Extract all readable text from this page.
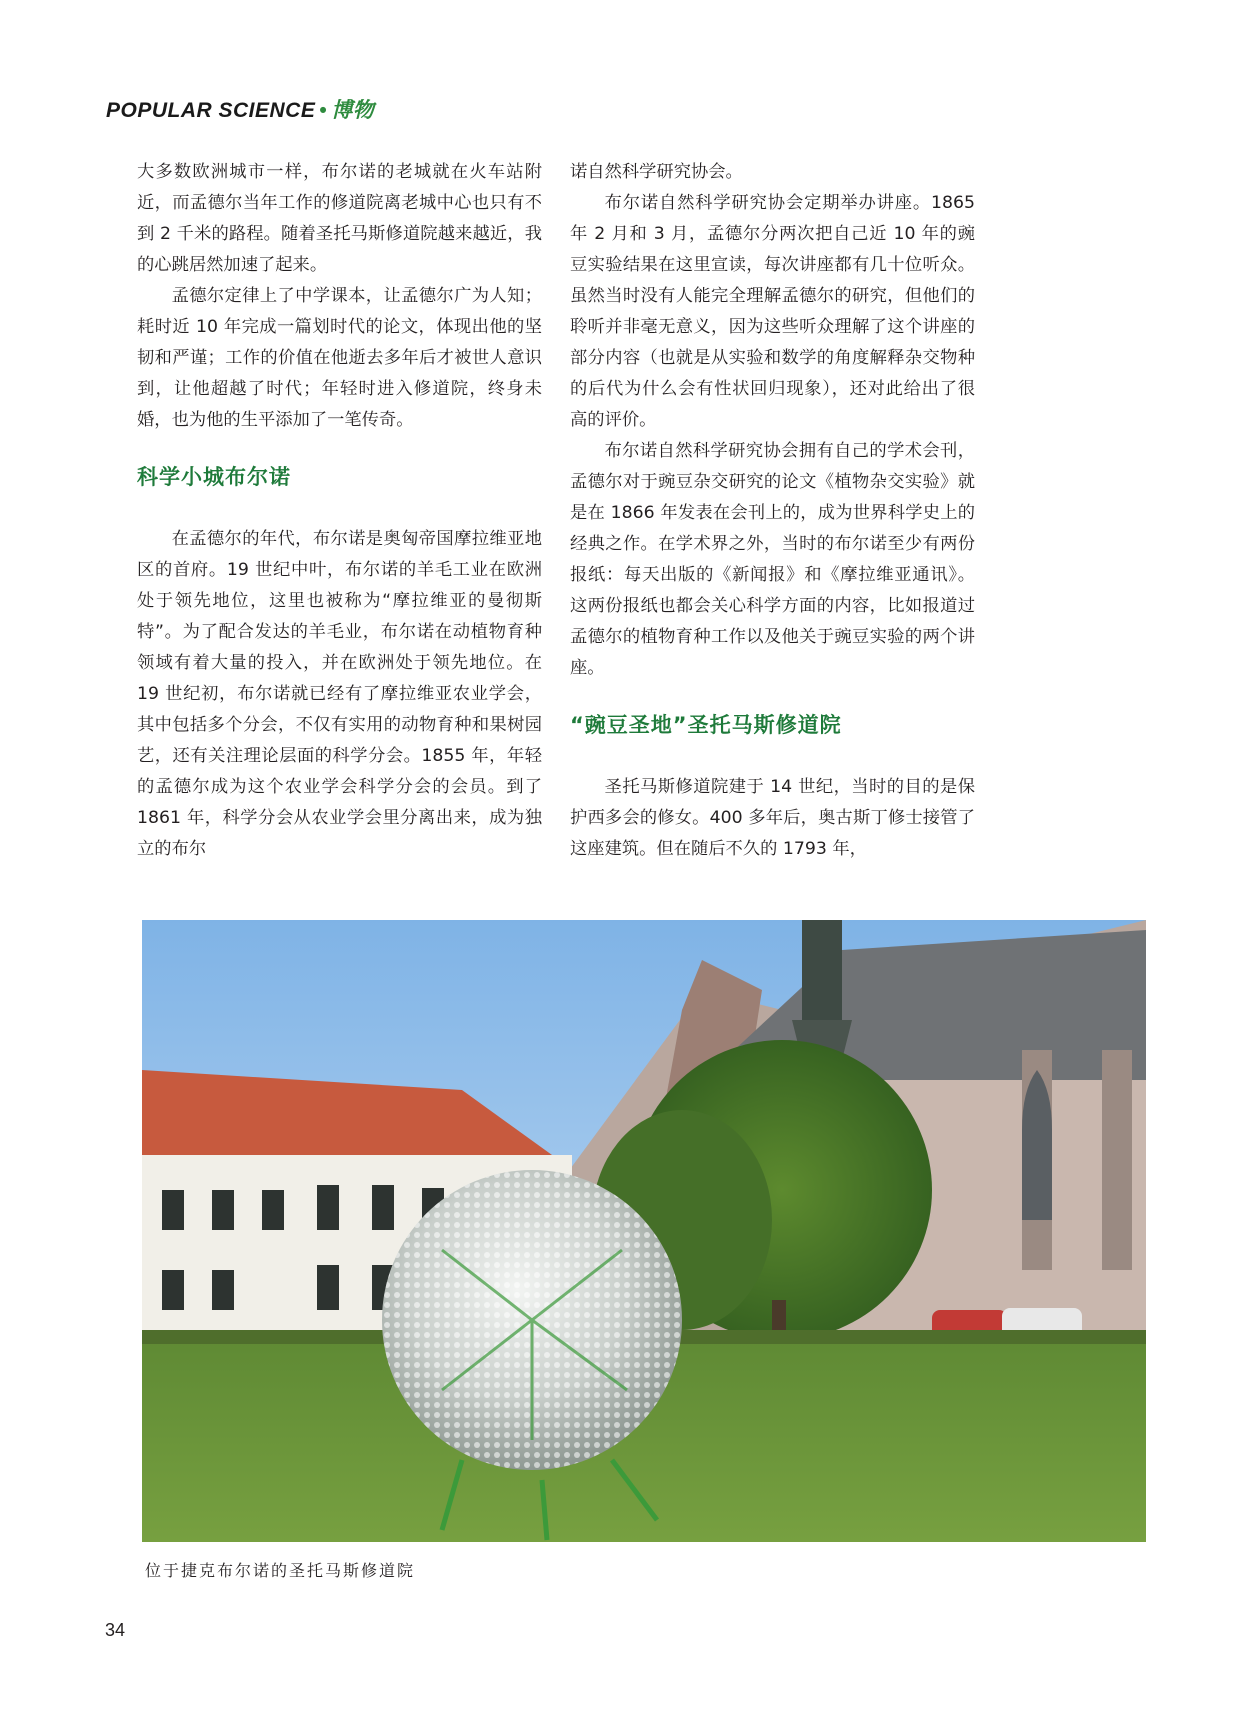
POPULAR SCIENCE • 博物

大多数欧洲城市一样，布尔诺的老城就在火车站附近，而孟德尔当年工作的修道院离老城中心也只有不到 2 千米的路程。随着圣托马斯修道院越来越近，我的心跳居然加速了起来。

孟德尔定律上了中学课本，让孟德尔广为人知；耗时近 10 年完成一篇划时代的论文，体现出他的坚韧和严谨；工作的价值在他逝去多年后才被世人意识到，让他超越了时代；年轻时进入修道院，终身未婚，也为他的生平添加了一笔传奇。

科学小城布尔诺

在孟德尔的年代，布尔诺是奥匈帝国摩拉维亚地区的首府。19 世纪中叶，布尔诺的羊毛工业在欧洲处于领先地位，这里也被称为“摩拉维亚的曼彻斯特”。为了配合发达的羊毛业，布尔诺在动植物育种领域有着大量的投入，并在欧洲处于领先地位。在 19 世纪初，布尔诺就已经有了摩拉维亚农业学会，其中包括多个分会，不仅有实用的动物育种和果树园艺，还有关注理论层面的科学分会。1855 年，年轻的孟德尔成为这个农业学会科学分会的会员。到了 1861 年，科学分会从农业学会里分离出来，成为独立的布尔

诺自然科学研究协会。

布尔诺自然科学研究协会定期举办讲座。1865 年 2 月和 3 月，孟德尔分两次把自己近 10 年的豌豆实验结果在这里宣读，每次讲座都有几十位听众。虽然当时没有人能完全理解孟德尔的研究，但他们的聆听并非毫无意义，因为这些听众理解了这个讲座的部分内容（也就是从实验和数学的角度解释杂交物种的后代为什么会有性状回归现象），还对此给出了很高的评价。

布尔诺自然科学研究协会拥有自己的学术会刊，孟德尔对于豌豆杂交研究的论文《植物杂交实验》就是在 1866 年发表在会刊上的，成为世界科学史上的经典之作。在学术界之外，当时的布尔诺至少有两份报纸：每天出版的《新闻报》和《摩拉维亚通讯》。这两份报纸也都会关心科学方面的内容，比如报道过孟德尔的植物育种工作以及他关于豌豆实验的两个讲座。

“豌豆圣地”圣托马斯修道院

圣托马斯修道院建于 14 世纪，当时的目的是保护西多会的修女。400 多年后，奥古斯丁修士接管了这座建筑。但在随后不久的 1793 年，

位于捷克布尔诺的圣托马斯修道院
34
